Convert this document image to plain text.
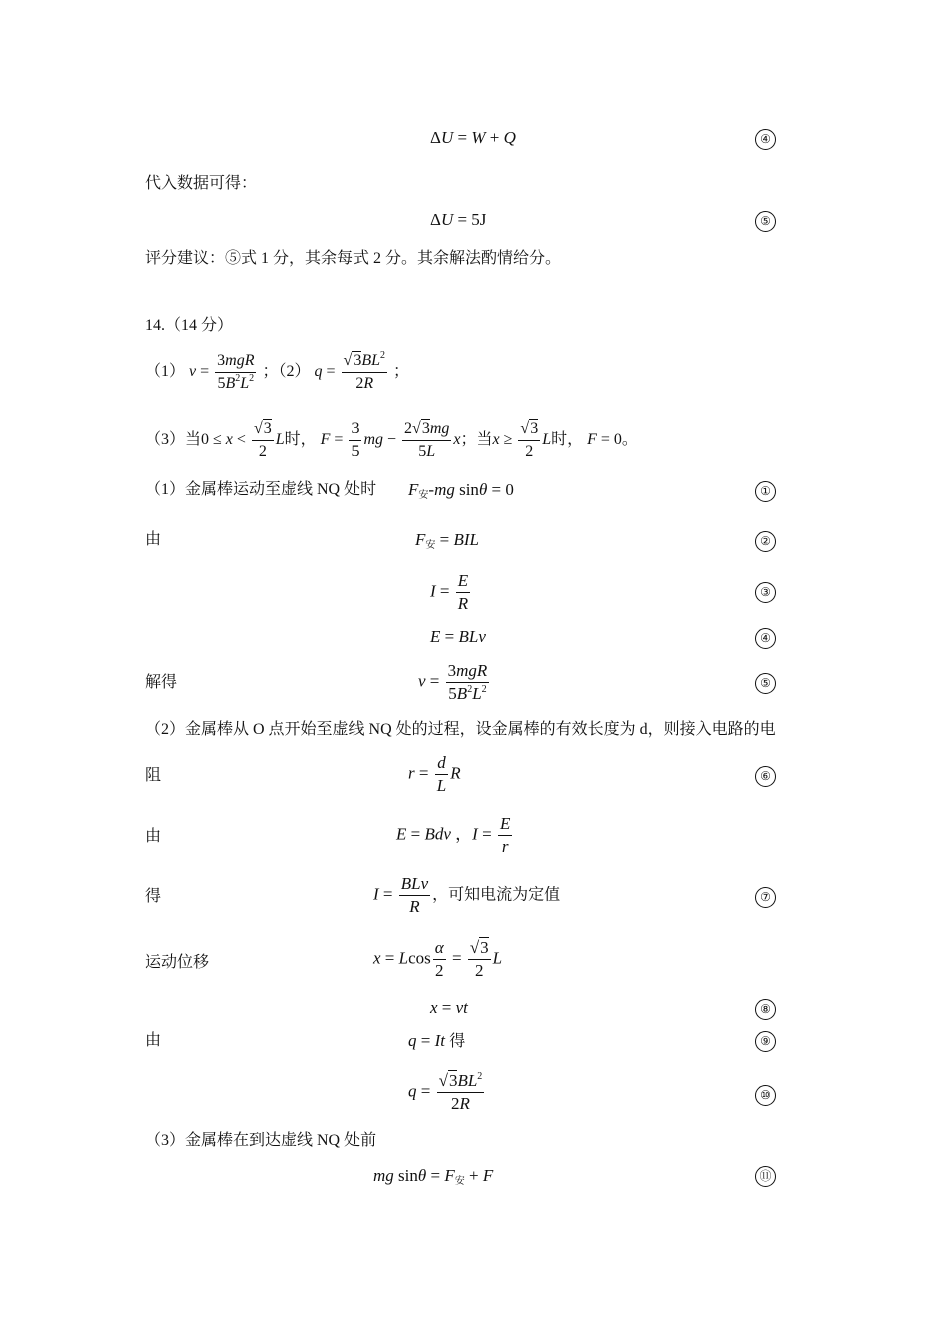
ΔU = W + Q	④
代入数据可得：
ΔU = 5J	⑤
评分建议：⑤式 1 分，其余每式 2 分。其余解法酌情给分。
14.（14 分）
（1） $v = \frac{\text{3mgR}}{5B^2L^2}$ ；（2） $q = \frac{√3BL^2}{2R}$ ；
（3）当$0 \le x < \frac{√3}{2}$ L时， $F = \frac{3}{5}$ mg − $\frac{2√3mg}{5L}$ x；当$x \ge \frac{√3}{2}$ L时， F = 0。
（1）金属棒运动至虚线 NQ 处时 $F_安-mg$ sinθ = 0	①
由	$F_安$ = BIL	②
$I = \frac{E}{R}$	③
E = BLv	④
解得	$v = \frac{\text{3mgR}}{5B^2L^2}$	⑤
（2）金属棒从 O 点开始至虚线 NQ 处的过程，设金属棒的有效长度为 d，则接入电路的电
阻	$r = \frac{d}{L}$ R	⑥
由	E = Bdv ，$I = \frac{E}{r}$
得	$I = \frac{\text{BLv}}{R}$ ，可知电流为定值	⑦
运动位移	x = Lcos $\frac{\alpha}{2} = \frac{√3}{2}$ L
x = vt	⑧
由	q = It 得	⑨
$q = \frac{√3BL^2}{2R}$	⑩
（3）金属棒在到达虚线 NQ 处前
mg $\sin\theta = F_安 + F$	⑪
